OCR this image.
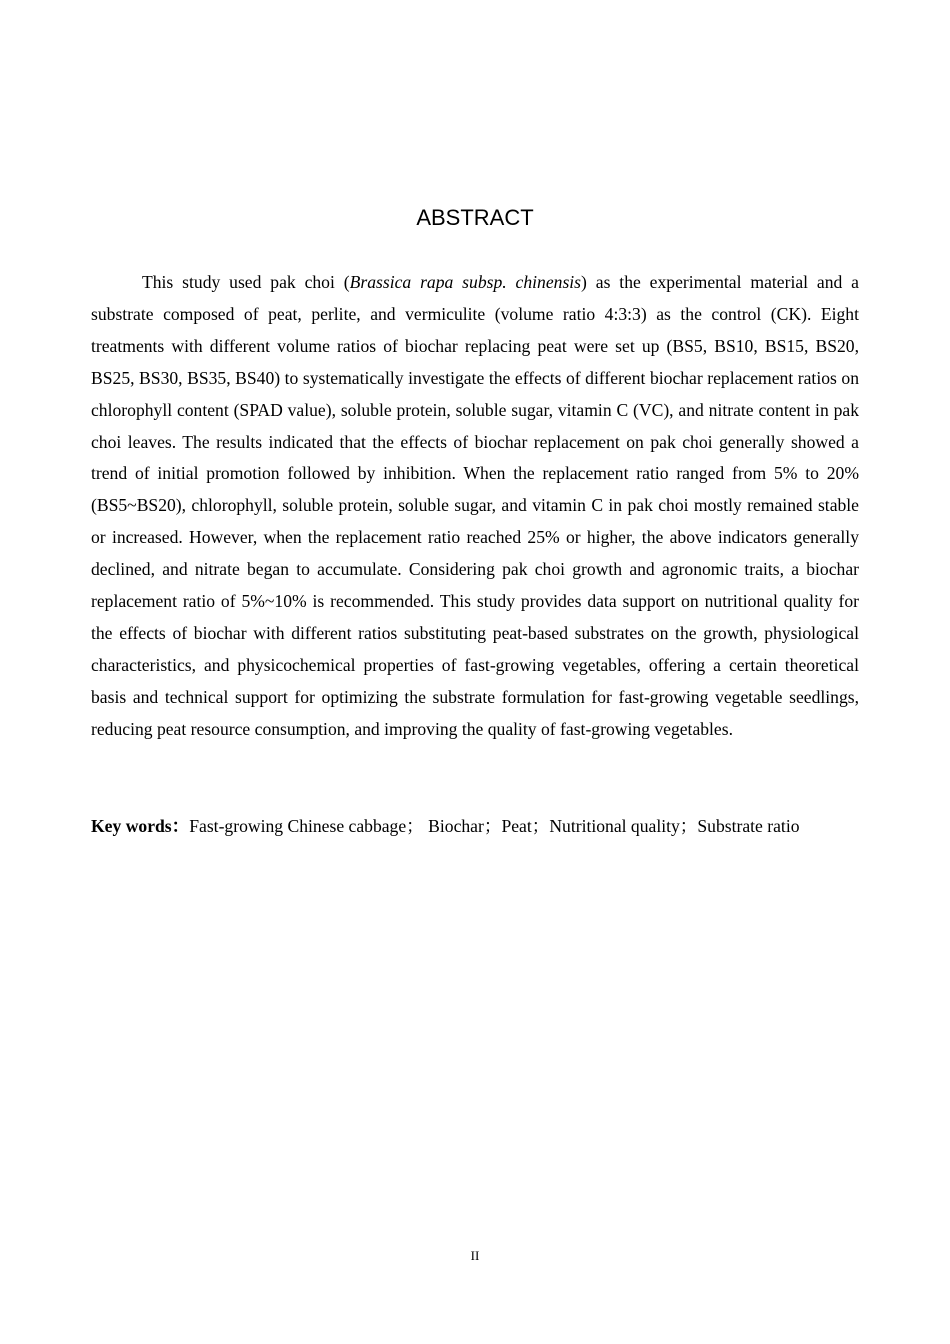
ABSTRACT

This study used pak choi (Brassica rapa subsp. chinensis) as the experimental material and a substrate composed of peat, perlite, and vermiculite (volume ratio 4:3:3) as the control (CK). Eight treatments with different volume ratios of biochar replacing peat were set up (BS5, BS10, BS15, BS20, BS25, BS30, BS35, BS40) to systematically investigate the effects of different biochar replacement ratios on chlorophyll content (SPAD value), soluble protein, soluble sugar, vitamin C (VC), and nitrate content in pak choi leaves. The results indicated that the effects of biochar replacement on pak choi generally showed a trend of initial promotion followed by inhibition. When the replacement ratio ranged from 5% to 20% (BS5~BS20), chlorophyll, soluble protein, soluble sugar, and vitamin C in pak choi mostly remained stable or increased. However, when the replacement ratio reached 25% or higher, the above indicators generally declined, and nitrate began to accumulate. Considering pak choi growth and agronomic traits, a biochar replacement ratio of 5%~10% is recommended. This study provides data support on nutritional quality for the effects of biochar with different ratios substituting peat-based substrates on the growth, physiological characteristics, and physicochemical properties of fast-growing vegetables, offering a certain theoretical basis and technical support for optimizing the substrate formulation for fast-growing vegetable seedlings, reducing peat resource consumption, and improving the quality of fast-growing vegetables.

Key words：Fast-growing Chinese cabbage； Biochar；Peat；Nutritional quality；Substrate ratio

II
